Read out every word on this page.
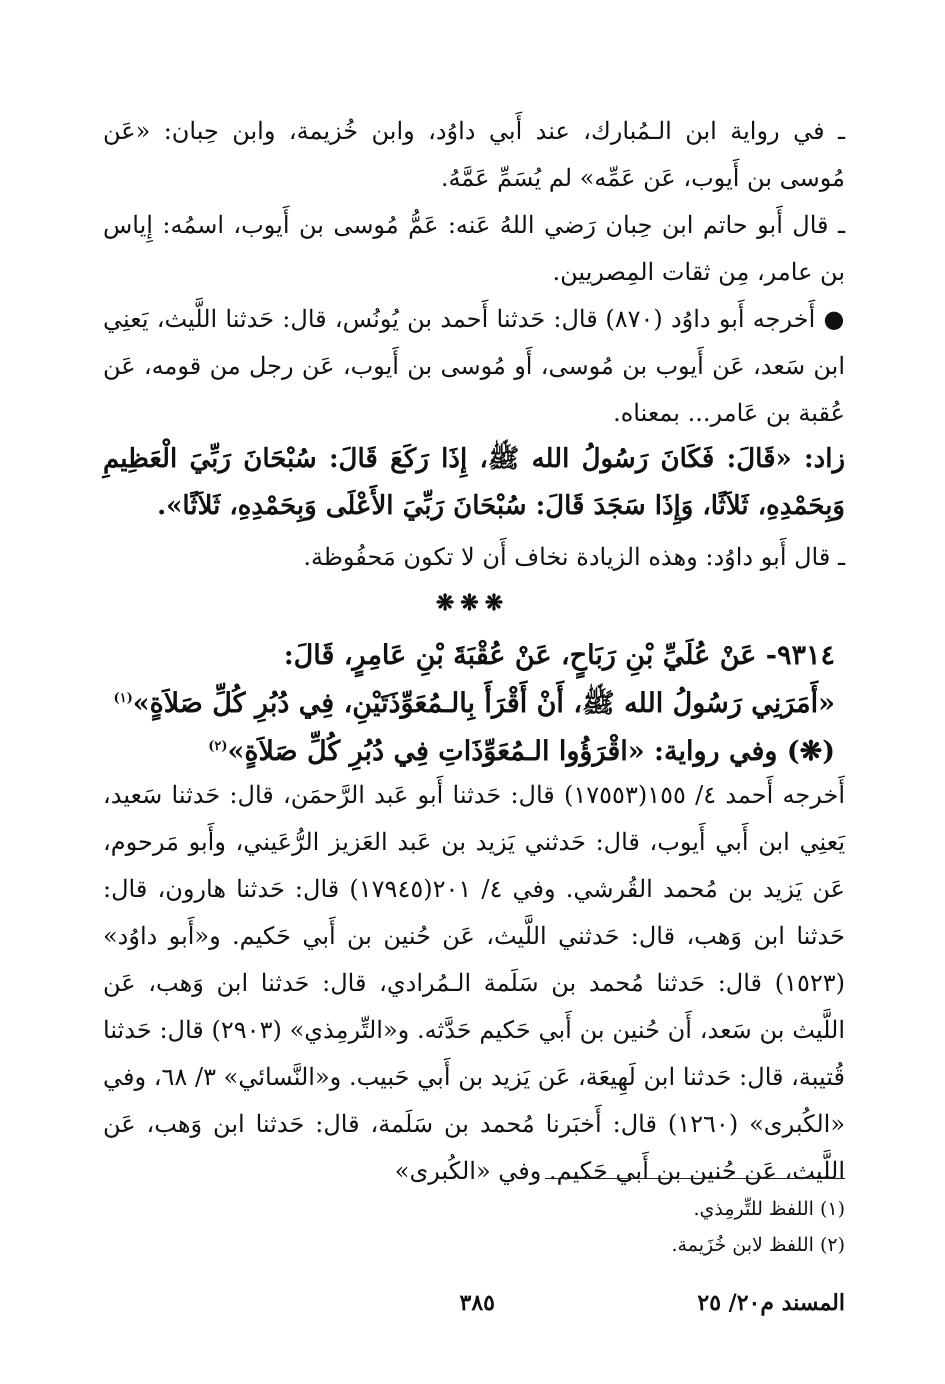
ـ في رواية ابن الـمُبارك، عند أَبي داوُد، وابن خُزيمة، وابن حِبان: «عَن مُوسى بن أَيوب، عَن عَمِّه» لم يُسَمِّ عَمَّهُ.

ـ قال أَبو حاتم ابن حِبان رَضي اللهُ عَنه: عَمُّ مُوسى بن أَيوب، اسمُه: إِياس بن عامر، مِن ثقات المِصريين.

● أَخرجه أَبو داوُد (٨٧٠) قال: حَدثنا أَحمد بن يُونُس، قال: حَدثنا اللَّيث، يَعنِي ابن سَعد، عَن أَيوب بن مُوسى، أَو مُوسى بن أَيوب، عَن رجل من قومه، عَن عُقبة بن عَامر... بمعناه.

زاد: «قَالَ: فَكَانَ رَسُولُ الله ﷺ، إِذَا رَكَعَ قَالَ: سُبْحَانَ رَبِّيَ الْعَظِيمِ وَبِحَمْدِهِ، ثَلاَثًا، وَإِذَا سَجَدَ قَالَ: سُبْحَانَ رَبِّيَ الأَعْلَى وَبِحَمْدِهِ، ثَلاَثًا».

ـ قال أَبو داوُد: وهذه الزيادة نخاف أَن لا تكون مَحفُوظة.

❋❋❋

٩٣١٤- عَنْ عُلَيِّ بْنِ رَبَاحٍ، عَنْ عُقْبَةَ بْنِ عَامِرٍ، قَالَ:

«أَمَرَنِي رَسُولُ الله ﷺ، أَنْ أَقْرَأَ بِالـمُعَوِّذَتَيْنِ، فِي دُبُرِ كُلِّ صَلاَةٍ»$^{(١)}$

(❋) وفي رواية: «اقْرَؤُوا الـمُعَوِّذَاتِ فِي دُبُرِ كُلِّ صَلاَةٍ»$^{(٢)}$

أَخرجه أَحمد ٤/ ١٥٥(١٧٥٥٣) قال: حَدثنا أَبو عَبد الرَّحمَن، قال: حَدثنا سَعيد، يَعنِي ابن أَبي أَيوب، قال: حَدثني يَزيد بن عَبد العَزيز الرُّعَيني، وأَبو مَرحوم، عَن يَزيد بن مُحمد القُرشي. وفي ٤/ ٢٠١(١٧٩٤٥) قال: حَدثنا هارون، قال: حَدثنا ابن وَهب، قال: حَدثني اللَّيث، عَن حُنين بن أَبي حَكيم. و«أَبو داوُد» (١٥٢٣) قال: حَدثنا مُحمد بن سَلَمة الـمُرادي، قال: حَدثنا ابن وَهب، عَن اللَّيث بن سَعد، أَن حُنين بن أَبي حَكيم حَدَّثه. و«التِّرمِذي» (٢٩٠٣) قال: حَدثنا قُتيبة، قال: حَدثنا ابن لَهِيعَة، عَن يَزيد بن أَبي حَبيب. و«النَّسائي» ٣/ ٦٨، وفي «الكُبرى» (١٢٦٠) قال: أَخبَرنا مُحمد بن سَلَمة، قال: حَدثنا ابن وَهب، عَن اللَّيث، عَن حُنين بن أَبي حَكيم. وفي «الكُبرى»

(١) اللفظ للتِّرمِذي.

(٢) اللفظ لابن خُزَيمة.

المسند م٢٠/ ٢٥
٣٨٥
